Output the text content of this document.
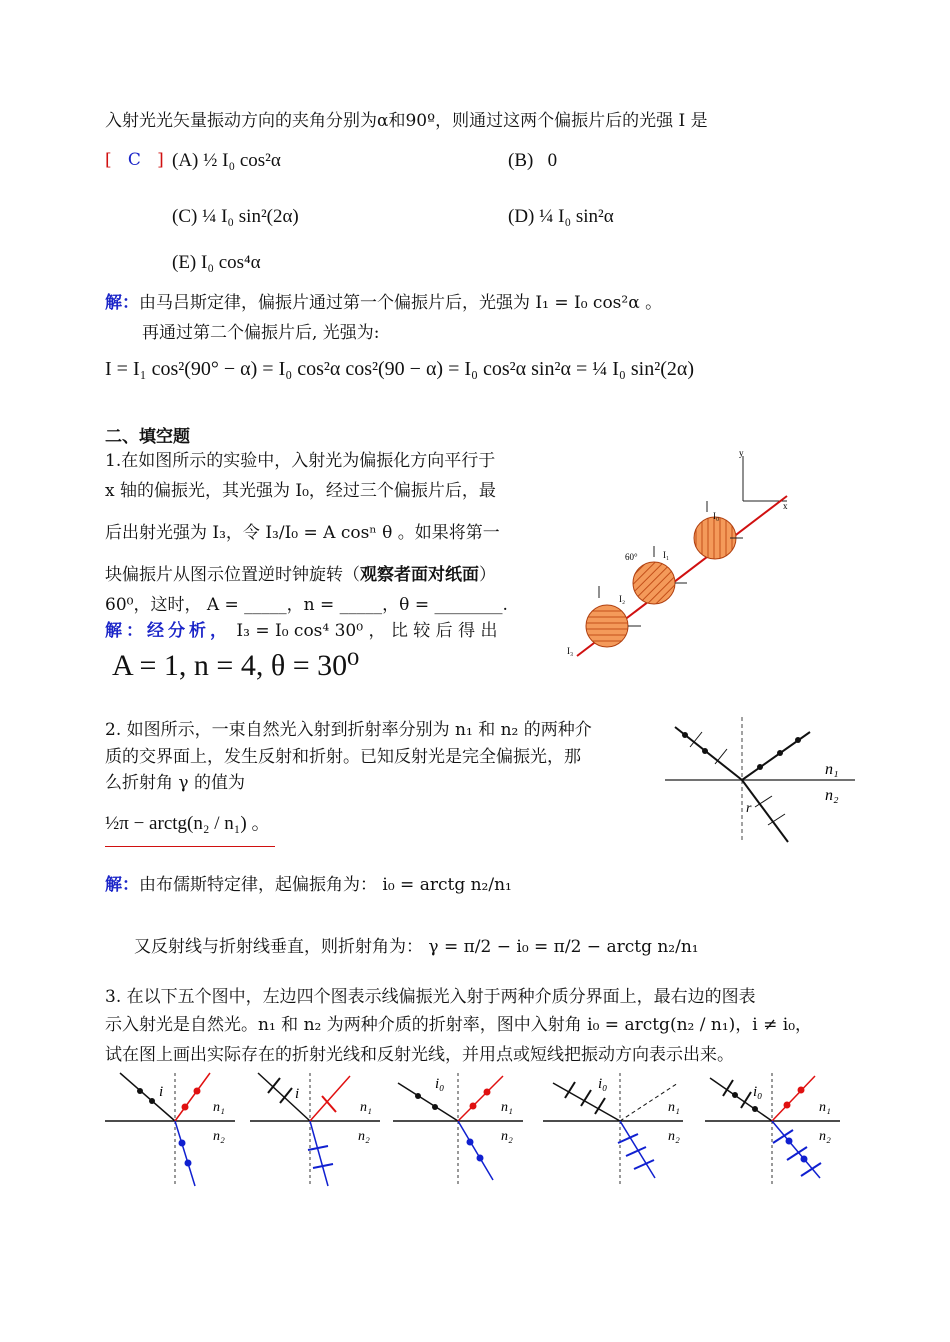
入射光光矢量振动方向的夹角分别为α和90º，则通过这两个偏振片后的光强 I 是
[ C ] (A) ½ I₀ cos²α	(B) 0
(C) ¼ I₀ sin²(2α)	(D) ¼ I₀ sin²α
(E) I₀ cos⁴α
解：由马吕斯定律，偏振片通过第一个偏振片后，光强为 I₁ = I₀ cos²α 。
再通过第二个偏振片后, 光强为:
I = I₁ cos²(90° − α) = I₀ cos²α cos²(90 − α) = I₀ cos²α sin²α = ¼ I₀ sin²(2α)
二、填空题
1.在如图所示的实验中，入射光为偏振化方向平行于
x 轴的偏振光，其光强为 I₀，经过三个偏振片后，最
后出射光强为 I₃，令 I₃/I₀ = A cosⁿ θ 。如果将第一
块偏振片从图示位置逆时钟旋转（观察者面对纸面）
60⁰，这时， A = _____，n = _____，θ = ________.
解：经分析， I₃ = I₀ cos⁴ 30⁰ ， 比 较 后 得 出
A = 1, n = 4, θ = 30⁰
y
x
I₀
I₁
I₂
I₃
60°
2. 如图所示，一束自然光入射到折射率分别为 n₁ 和 n₂ 的两种介
质的交界面上，发生反射和折射。已知反射光是完全偏振光，那
么折射角 γ 的值为
½π − arctg(n₂ / n₁) 。
n₁
n₂
r
解：由布儒斯特定律，起偏振角为： i₀ = arctg n₂/n₁
又反射线与折射线垂直，则折射角为： γ = π/2 − i₀ = π/2 − arctg n₂/n₁
3. 在以下五个图中，左边四个图表示线偏振光入射于两种介质分界面上，最右边的图表
示入射光是自然光。n₁ 和 n₂ 为两种介质的折射率，图中入射角 i₀ = arctg(n₂ / n₁)，i ≠ i₀，
试在图上画出实际存在的折射光线和反射光线，并用点或短线把振动方向表示出来。
i
n₁
n₂
i
n₁
n₂
i₀
n₁
n₂
i₀
n₁
n₂
i₀
n₁
n₂
